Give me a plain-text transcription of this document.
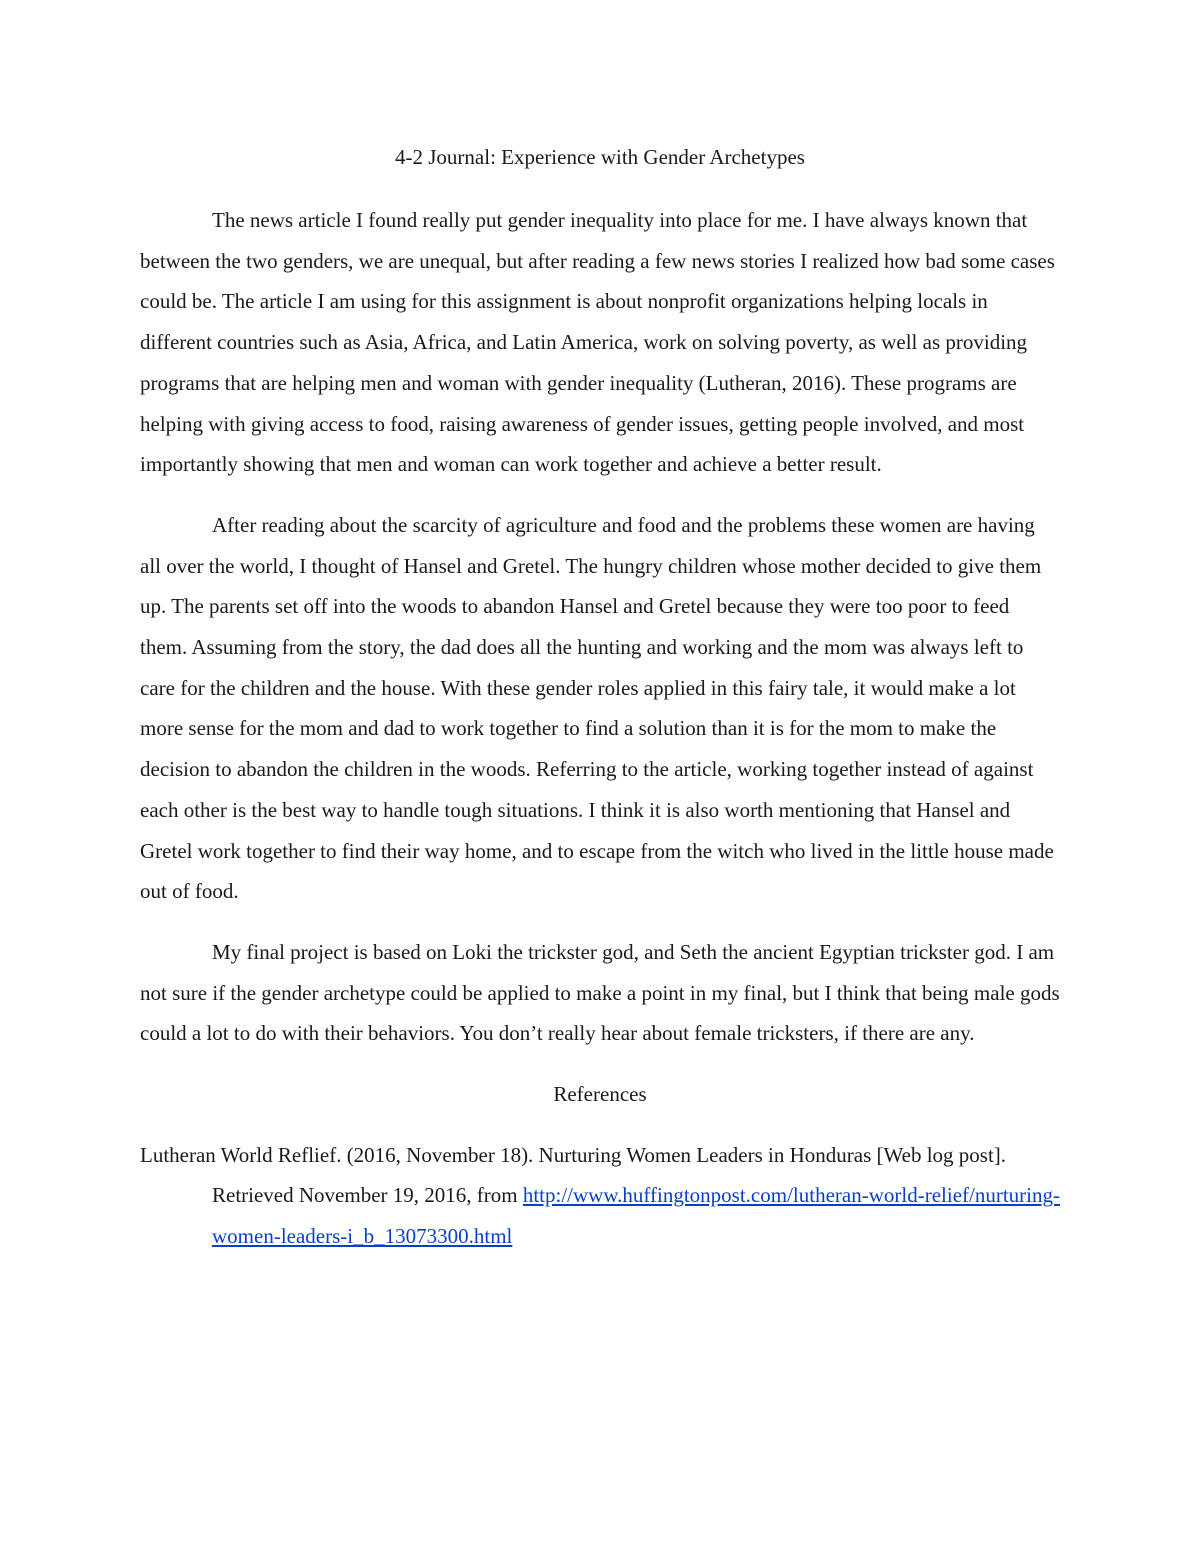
4-2 Journal: Experience with Gender Archetypes

The news article I found really put gender inequality into place for me. I have always known that between the two genders, we are unequal, but after reading a few news stories I realized how bad some cases could be. The article I am using for this assignment is about nonprofit organizations helping locals in different countries such as Asia, Africa, and Latin America, work on solving poverty, as well as providing programs that are helping men and woman with gender inequality (Lutheran, 2016). These programs are helping with giving access to food, raising awareness of gender issues, getting people involved, and most importantly showing that men and woman can work together and achieve a better result.

After reading about the scarcity of agriculture and food and the problems these women are having all over the world, I thought of Hansel and Gretel. The hungry children whose mother decided to give them up. The parents set off into the woods to abandon Hansel and Gretel because they were too poor to feed them. Assuming from the story, the dad does all the hunting and working and the mom was always left to care for the children and the house. With these gender roles applied in this fairy tale, it would make a lot more sense for the mom and dad to work together to find a solution than it is for the mom to make the decision to abandon the children in the woods. Referring to the article, working together instead of against each other is the best way to handle tough situations. I think it is also worth mentioning that Hansel and Gretel work together to find their way home, and to escape from the witch who lived in the little house made out of food.

My final project is based on Loki the trickster god, and Seth the ancient Egyptian trickster god. I am not sure if the gender archetype could be applied to make a point in my final, but I think that being male gods could a lot to do with their behaviors. You don’t really hear about female tricksters, if there are any.

References

Lutheran World Reflief. (2016, November 18). Nurturing Women Leaders in Honduras [Web log post]. Retrieved November 19, 2016, from http://www.huffingtonpost.com/lutheran-world-relief/nurturing-women-leaders-i_b_13073300.html
